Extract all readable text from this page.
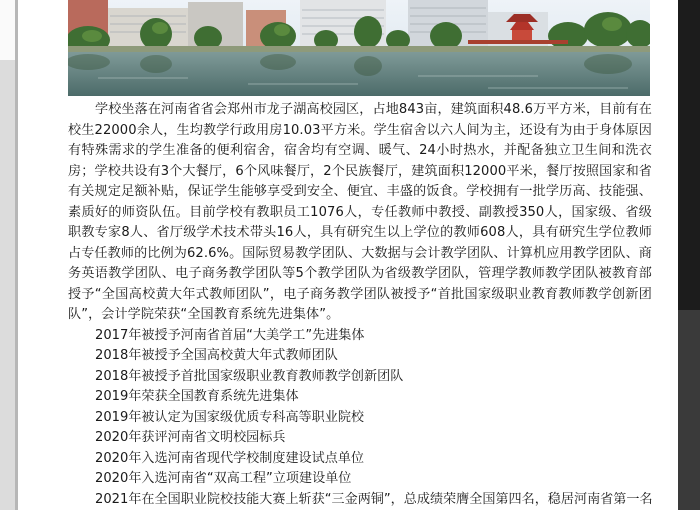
学校坐落在河南省省会郑州市龙子湖高校园区，占地843亩，建筑面积48.6万平方米，目前有在校生22000余人，生均教学行政用房10.03平方米。学生宿舍以六人间为主，还设有为由于身体原因有特殊需求的学生准备的便利宿舍，宿舍均有空调、暖气、24小时热水，并配备独立卫生间和洗衣房；学校共设有3个大餐厅，6个风味餐厅，2个民族餐厅，建筑面积12000平米，餐厅按照国家和省有关规定足额补贴，保证学生能够享受到安全、便宜、丰盛的饭食。学校拥有一批学历高、技能强、素质好的师资队伍。目前学校有教职员工1076人，专任教师中教授、副教授350人，国家级、省级职教专家8人、省厅级学术技术带头16人，具有研究生以上学位的教师608人，具有研究生学位教师占专任教师的比例为62.6%。国际贸易教学团队、大数据与会计教学团队、计算机应用教学团队、商务英语教学团队、电子商务教学团队等5个教学团队为省级教学团队，管理学教师教学团队被教育部授予“全国高校黄大年式教师团队”，电子商务教学团队被授予“首批国家级职业教育教师教学创新团队”，会计学院荣获“全国教育系统先进集体”。

2017年被授予河南省首届“大美学工”先进集体
2018年被授予全国高校黄大年式教师团队
2018年被授予首批国家级职业教育教师教学创新团队
2019年荣获全国教育系统先进集体
2019年被认定为国家级优质专科高等职业院校
2020年获评河南省文明校园标兵
2020年入选河南省现代学校制度建设试点单位
2020年入选河南省“双高工程”立项建设单位
2021年在全国职业院校技能大赛上斩获“三金两铜”，总成绩荣膺全国第四名，稳居河南省第一名
